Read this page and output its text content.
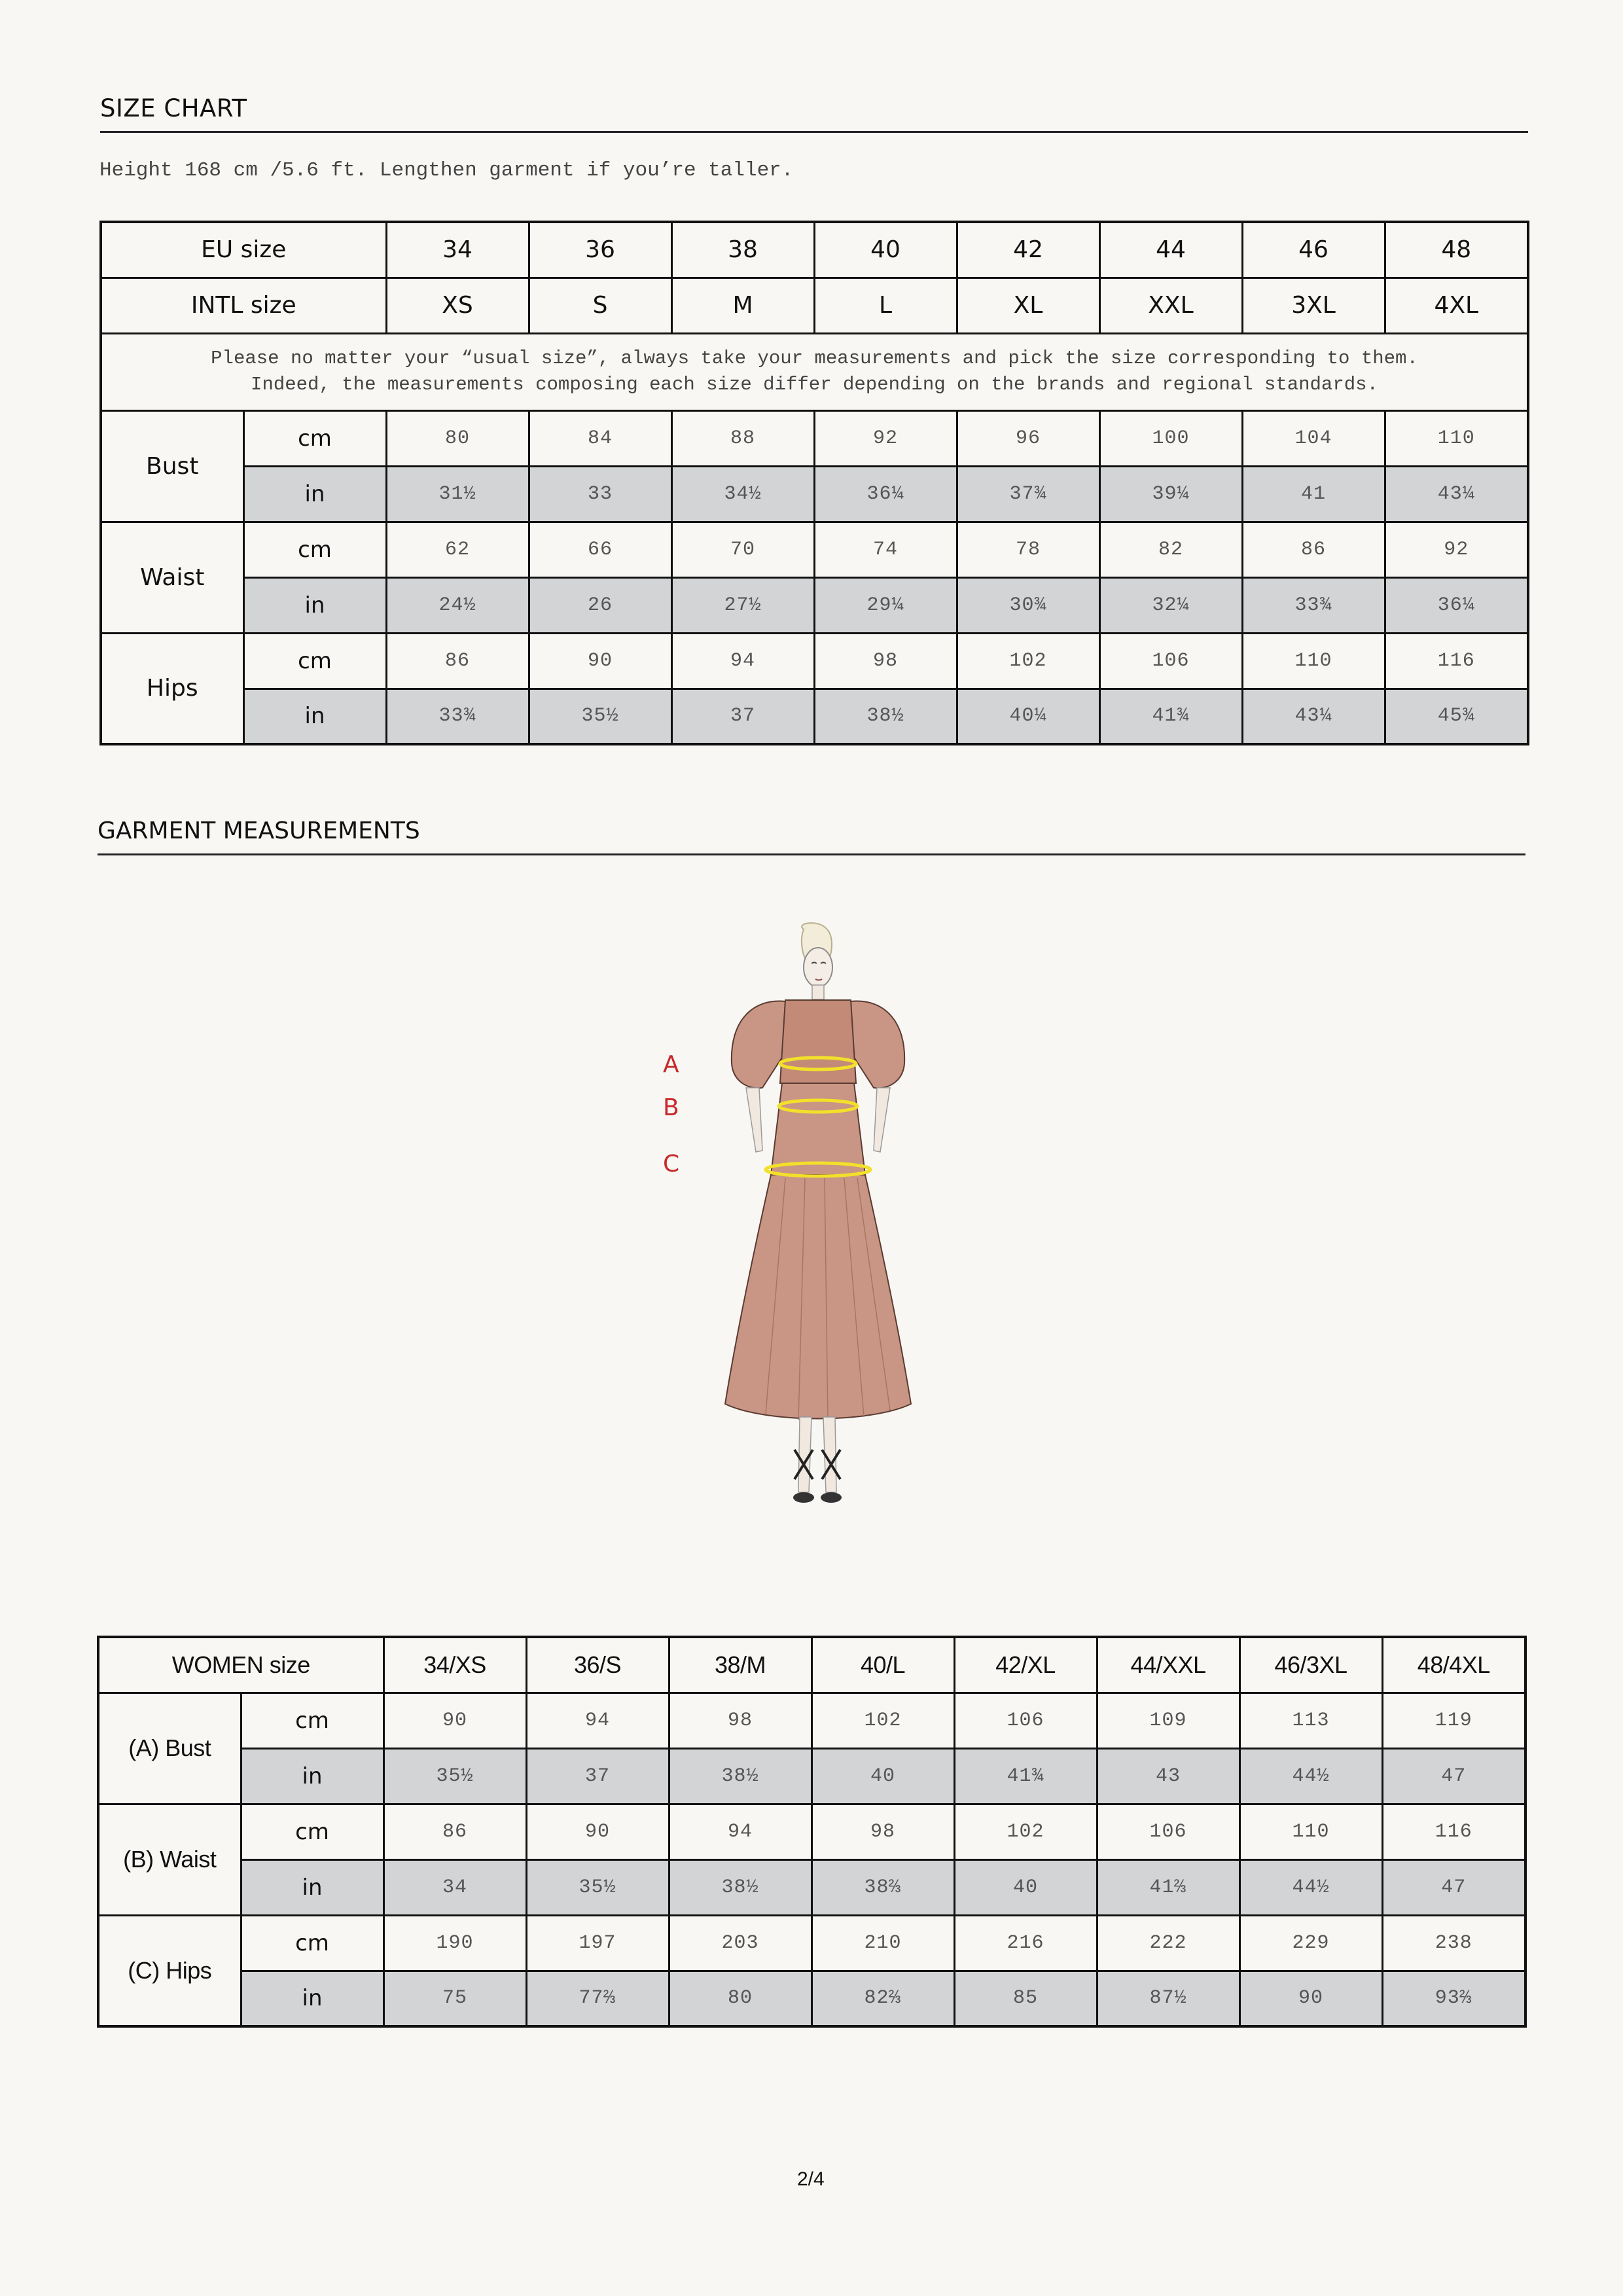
SIZE CHART
Height 168 cm /5.6 ft. Lengthen garment if you’re taller.
EU size		34	36	38	40	42	44	46	48
INTL size		XS	S	M	L	XL	XXL	3XL	4XL

Please no matter your “usual size”, always take your measurements and pick the size corresponding to them.
Indeed, the measurements composing each size differ depending on the brands and regional standards.									

Bust	cm	80	84	88	92	96	100	104	110
	in	31½	33	34½	36¼	37¾	39¼	41	43¼
Waist	cm	62	66	70	74	78	82	86	92
	in	24½	26	27½	29¼	30¾	32¼	33¾	36¼
Hips	cm	86	90	94	98	102	106	110	116
	in	33¾	35½	37	38½	40¼	41¾	43¼	45¾
GARMENT MEASUREMENTS
A
B
C
WOMEN size		34/XS	36/S	38/M	40/L	42/XL	44/XXL	46/3XL	48/4XL
(A) Bust	cm	90	94	98	102	106	109	113	119
	in	35½	37	38½	40	41¾	43	44½	47
(B) Waist	cm	86	90	94	98	102	106	110	116
	in	34	35½	38½	38⅔	40	41⅔	44½	47
(C) Hips	cm	190	197	203	210	216	222	229	238
	in	75	77⅔	80	82⅔	85	87½	90	93⅔
2/4
